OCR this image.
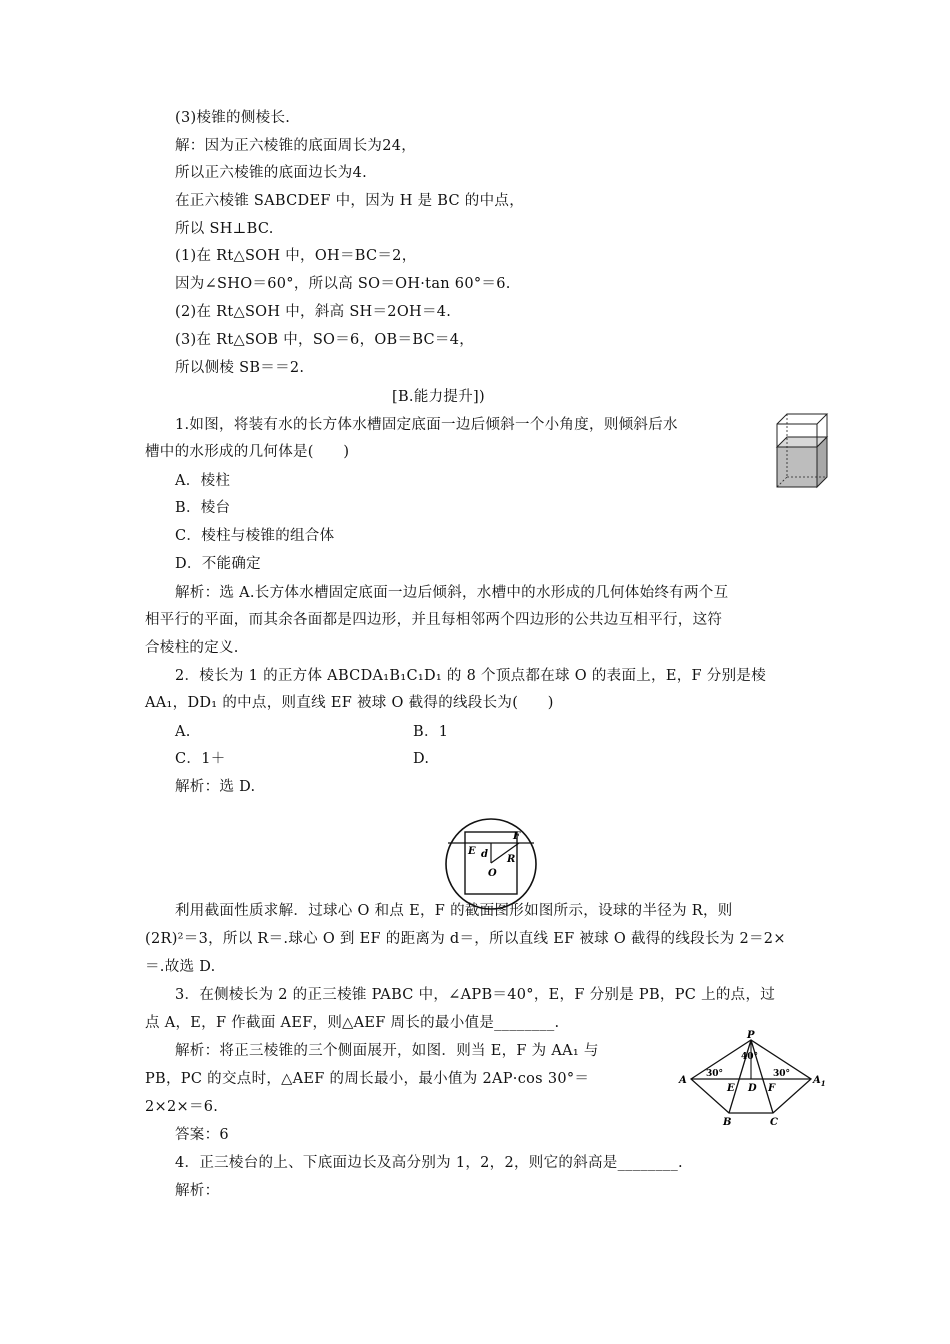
(3)棱锥的侧棱长.
解：因为正六棱锥的底面周长为24，
所以正六棱锥的底面边长为4.
在正六棱锥 SABCDEF 中，因为 H 是 BC 的中点，
所以 SH⊥BC.
(1)在 Rt△SOH 中，OH＝BC＝2，
因为∠SHO＝60°，所以高 SO＝OH·tan 60°＝6.
(2)在 Rt△SOH 中，斜高 SH＝2OH＝4.
(3)在 Rt△SOB 中，SO＝6，OB＝BC＝4，
所以侧棱 SB＝＝2.
[B.能力提升])
1.如图，将装有水的长方体水槽固定底面一边后倾斜一个小角度，则倾斜后水
槽中的水形成的几何体是(　　)
A．棱柱
B．棱台
C．棱柱与棱锥的组合体
D．不能确定
解析：选 A.长方体水槽固定底面一边后倾斜，水槽中的水形成的几何体始终有两个互
相平行的平面，而其余各面都是四边形，并且每相邻两个四边形的公共边互相平行，这符
合棱柱的定义.
2．棱长为 1 的正方体 ABCDA₁B₁C₁D₁ 的 8 个顶点都在球 O 的表面上，E，F 分别是棱
AA₁，DD₁ 的中点，则直线 EF 被球 O 截得的线段长为(　　)
A.	B．1
C．1＋	D.
解析：选 D.
利用截面性质求解．过球心 O 和点 E，F 的截面图形如图所示，设球的半径为 R，则
(2R)²＝3，所以 R＝.球心 O 到 EF 的距离为 d＝，所以直线 EF 被球 O 截得的线段长为 2＝2×
＝.故选 D.
3．在侧棱长为 2 的正三棱锥 PABC 中，∠APB＝40°，E，F 分别是 PB，PC 上的点，过
点 A，E，F 作截面 AEF，则△AEF 周长的最小值是________.
解析：将正三棱锥的三个侧面展开，如图．则当 E，F 为 AA₁ 与
PB，PC 的交点时，△AEF 的周长最小，最小值为 2AP·cos 30°＝
2×2×＝6.
答案：6
4．正三棱台的上、下底面边长及高分别为 1，2，2，则它的斜高是________.
解析：
E d
F
R
O
P
40°
30°	30°
A
E D F
$A_1$
B	C
